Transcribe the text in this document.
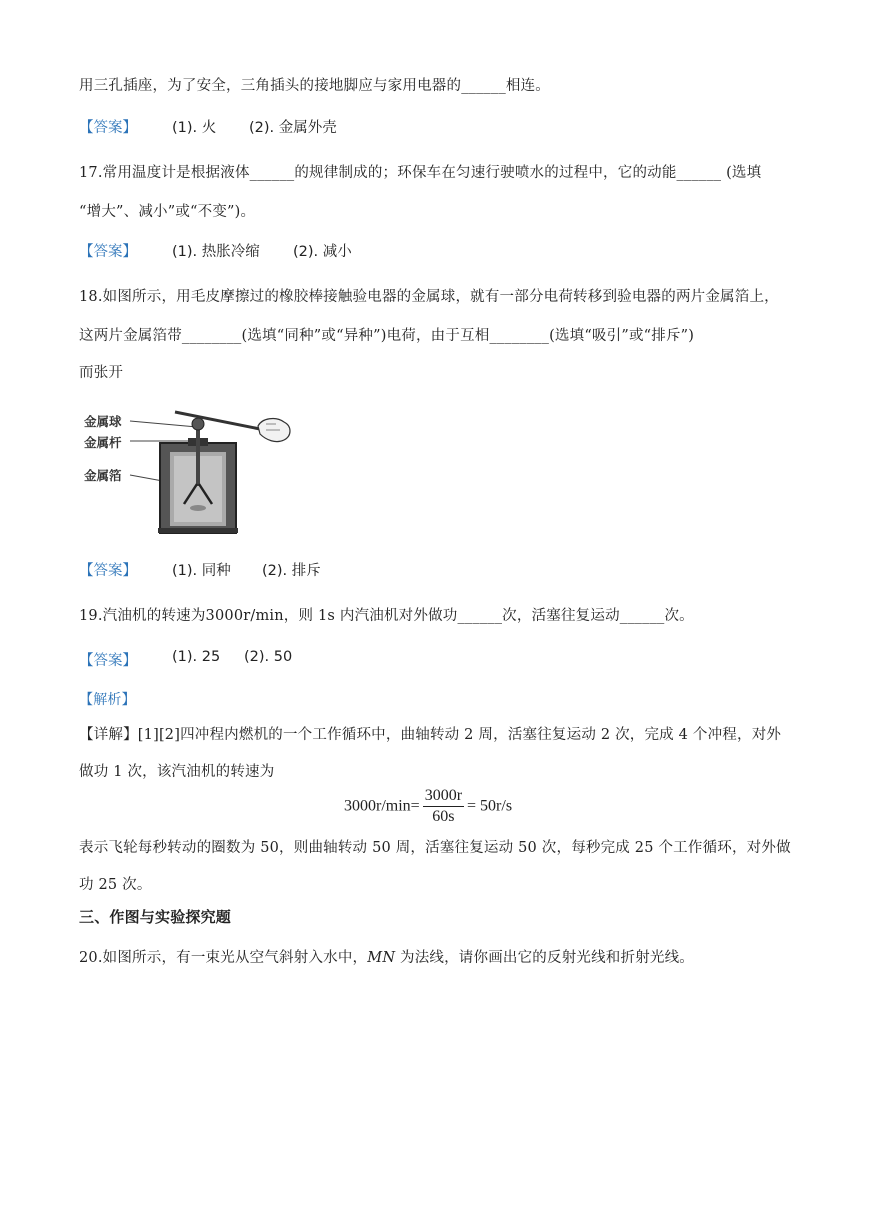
用三孔插座，为了安全，三角插头的接地脚应与家用电器的______相连。
【答案】 (1). 火 (2). 金属外壳
17.常用温度计是根据液体______的规律制成的；环保车在匀速行驶喷水的过程中，它的动能______ (选填
“增大”、减小”或“不变”)。
【答案】 (1). 热胀冷缩 (2). 减小
18.如图所示，用毛皮摩擦过的橡胶棒接触验电器的金属球，就有一部分电荷转移到验电器的两片金属箔上，
这两片金属箔带________(选填“同种”或“异种”)电荷，由于互相________(选填“吸引”或“排斥”)
而张开
金属球
金属杆
金属箔
【答案】 (1). 同种 (2). 排斥
19.汽油机的转速为3000r/min，则 1s 内汽油机对外做功______次，活塞往复运动______次。
【答案】 (1). 25 (2). 50
【解析】
【详解】[1][2]四冲程内燃机的一个工作循环中，曲轴转动 2 周，活塞往复运动 2 次，完成 4 个冲程，对外
做功 1 次，该汽油机的转速为
$3000r/\min= \frac{3000r}{60s} = 50r/s$
表示飞轮每秒转动的圈数为 50，则曲轴转动 50 周，活塞往复运动 50 次，每秒完成 25 个工作循环，对外做
功 25 次。
三、作图与实验探究题
20.如图所示，有一束光从空气斜射入水中，MN 为法线，请你画出它的反射光线和折射光线。
